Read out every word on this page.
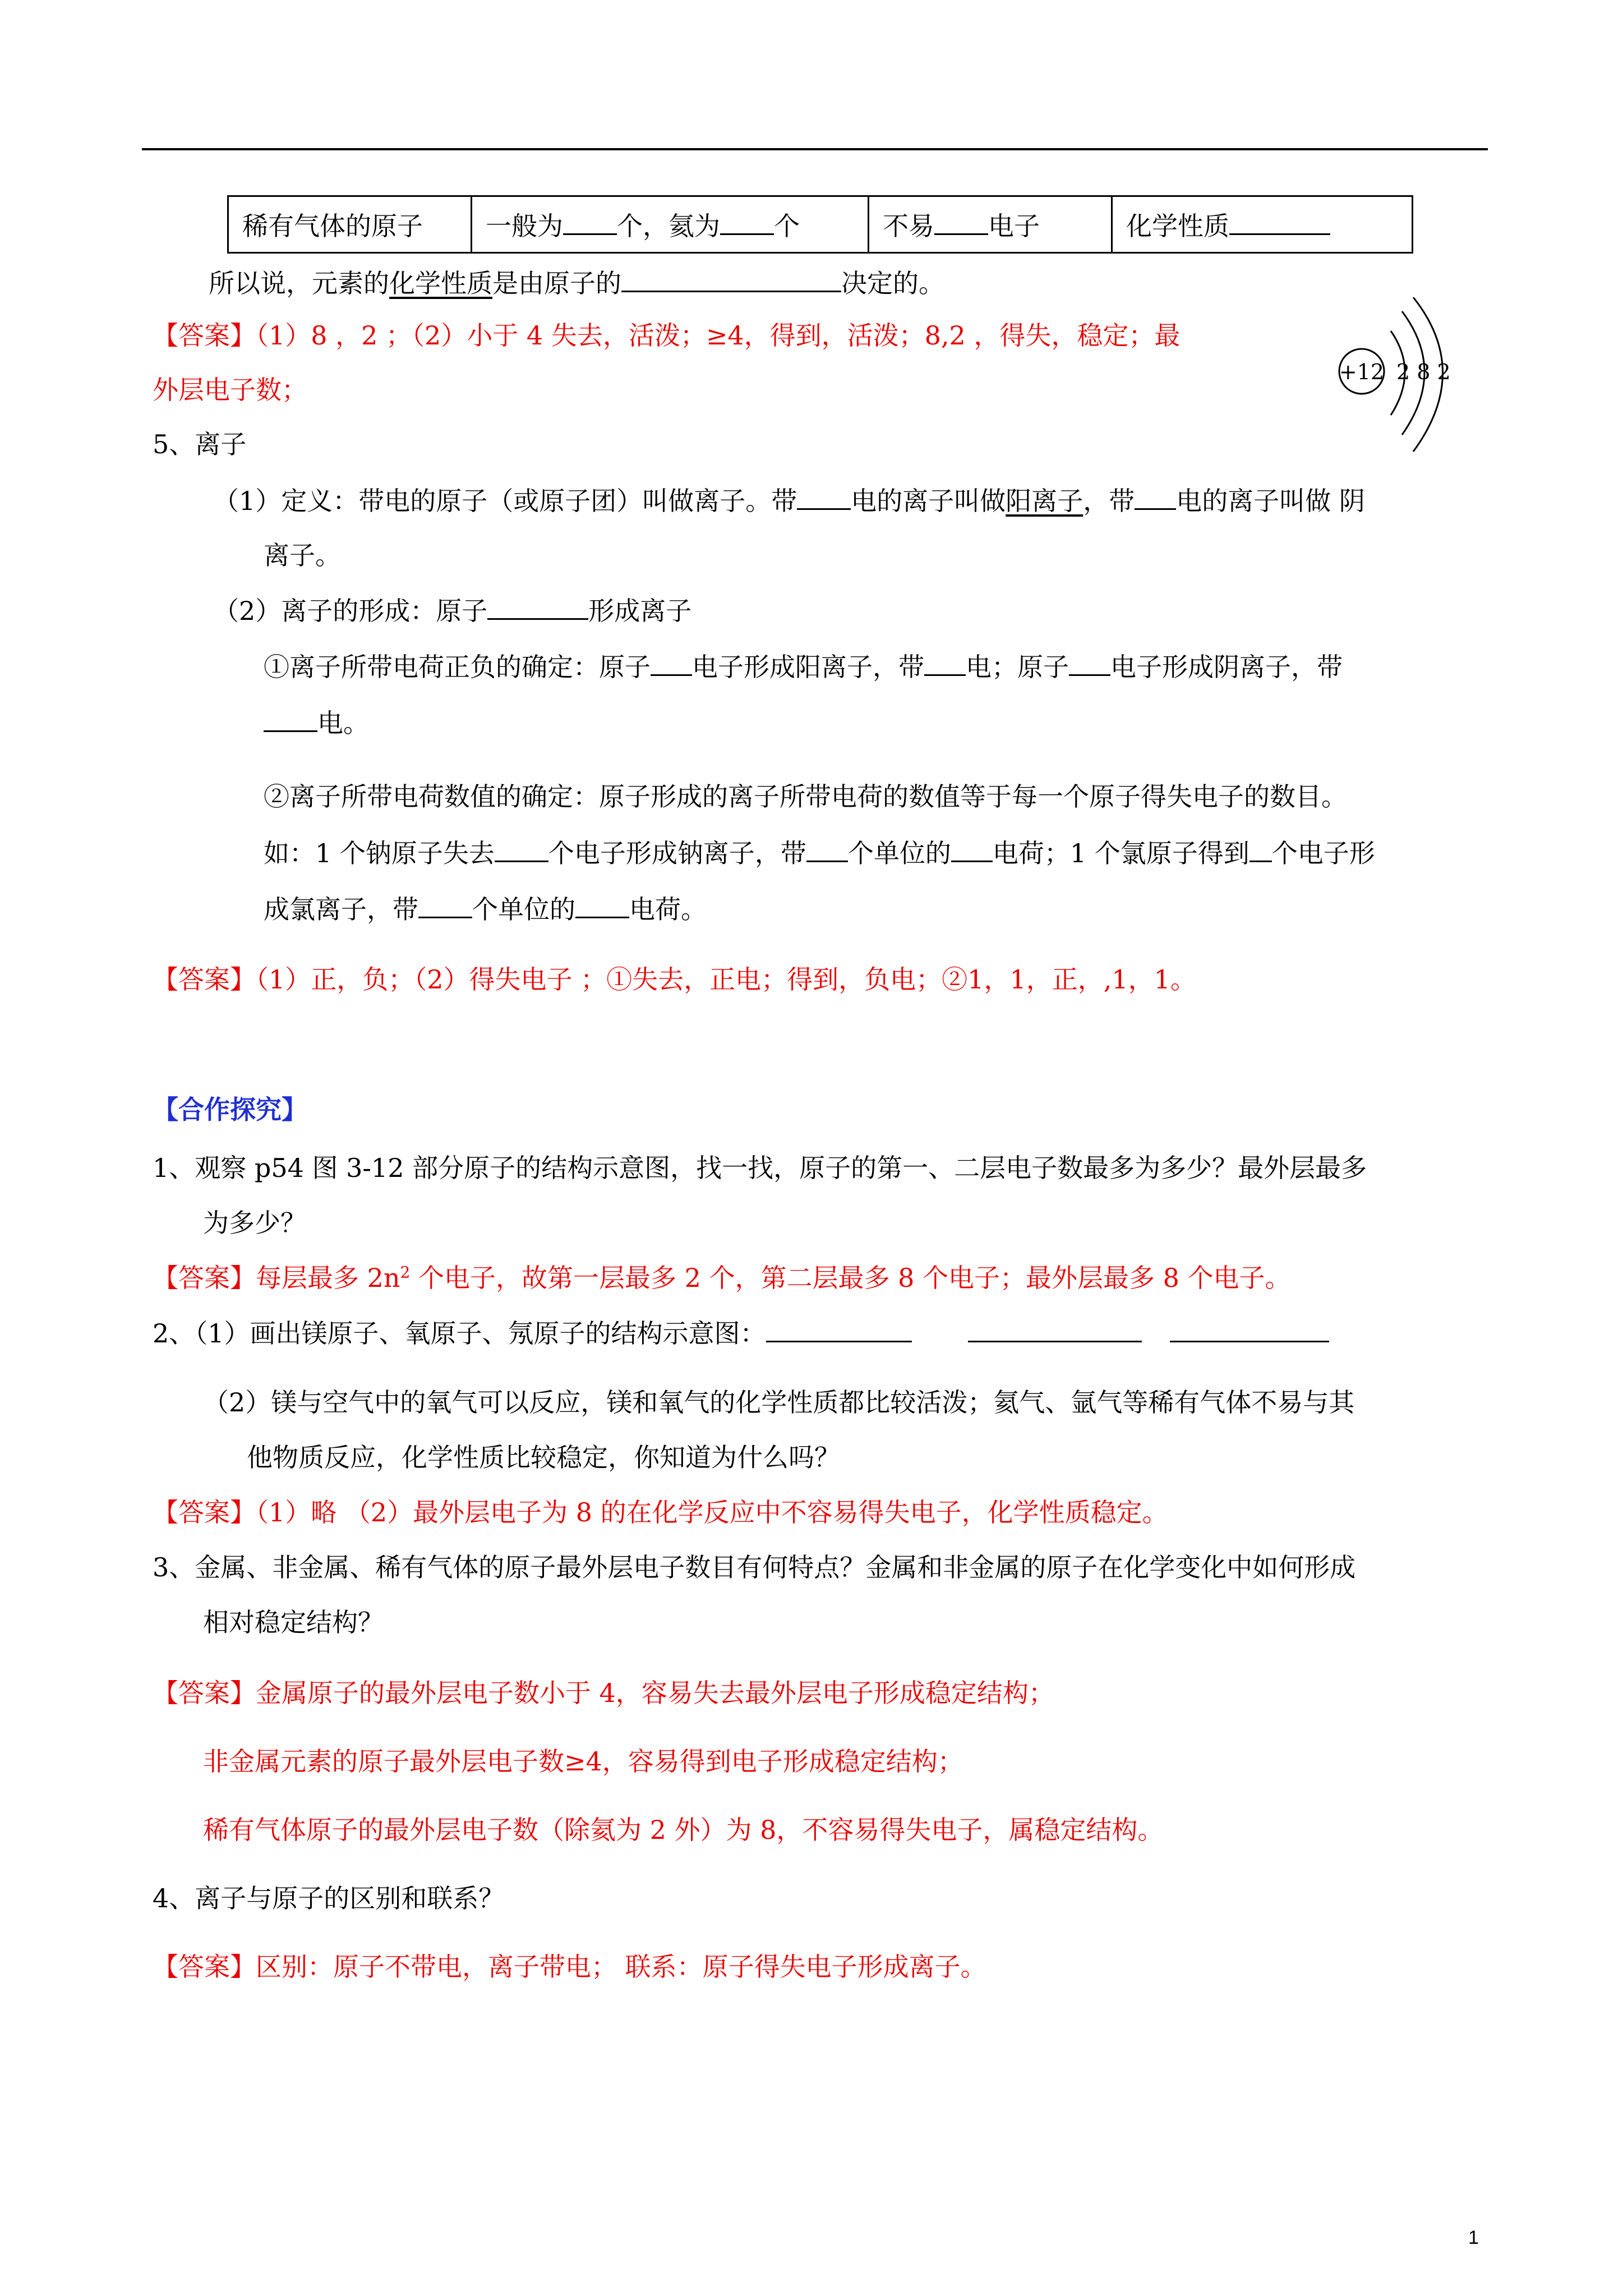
稀有气体的原子	一般为 个，氦为 个	不易 电子	化学性质
所以说，元素的化学性质是由原子的	决定的。
【答案】（1）8 ，2 ；（2）小于 4 失去，活泼；≥4，得到，活泼；8,2 ，得失，稳定；最
外层电子数；
+12 2 8 2
5、离子
（1）定义：带电的原子（或原子团）叫做离子。带 电的离子叫做阳离子，带 电的离子叫做 阴
离子。
（2）离子的形成：原子	形成离子
①离子所带电荷正负的确定：原子 电子形成阳离子，带 电；原子 电子形成阴离子，带
电。
②离子所带电荷数值的确定：原子形成的离子所带电荷的数值等于每一个原子得失电子的数目。
如：1 个钠原子失去 个电子形成钠离子，带 个单位的 电荷；1 个氯原子得到 个电子形
成氯离子，带 个单位的 电荷。
【答案】（1）正，负；（2）得失电子 ；①失去，正电；得到，负电；②1，1，正，,1，1。
【合作探究】
1、观察 p54 图 3-12 部分原子的结构示意图，找一找，原子的第一、二层电子数最多为多少？最外层最多
为多少？
【答案】每层最多 $2n^2$ 个电子，故第一层最多 2 个，第二层最多 8 个电子；最外层最多 8 个电子。
2、（1）画出镁原子、氧原子、氖原子的结构示意图：
（2）镁与空气中的氧气可以反应，镁和氧气的化学性质都比较活泼；氦气、氩气等稀有气体不易与其
他物质反应，化学性质比较稳定，你知道为什么吗？
【答案】（1）略 （2）最外层电子为 8 的在化学反应中不容易得失电子，化学性质稳定。
3、金属、非金属、稀有气体的原子最外层电子数目有何特点？金属和非金属的原子在化学变化中如何形成
相对稳定结构？
【答案】金属原子的最外层电子数小于 4，容易失去最外层电子形成稳定结构；
非金属元素的原子最外层电子数≥4，容易得到电子形成稳定结构；
稀有气体原子的最外层电子数（除氦为 2 外）为 8，不容易得失电子，属稳定结构。
4、离子与原子的区别和联系？
【答案】区别：原子不带电，离子带电； 联系：原子得失电子形成离子。
1
